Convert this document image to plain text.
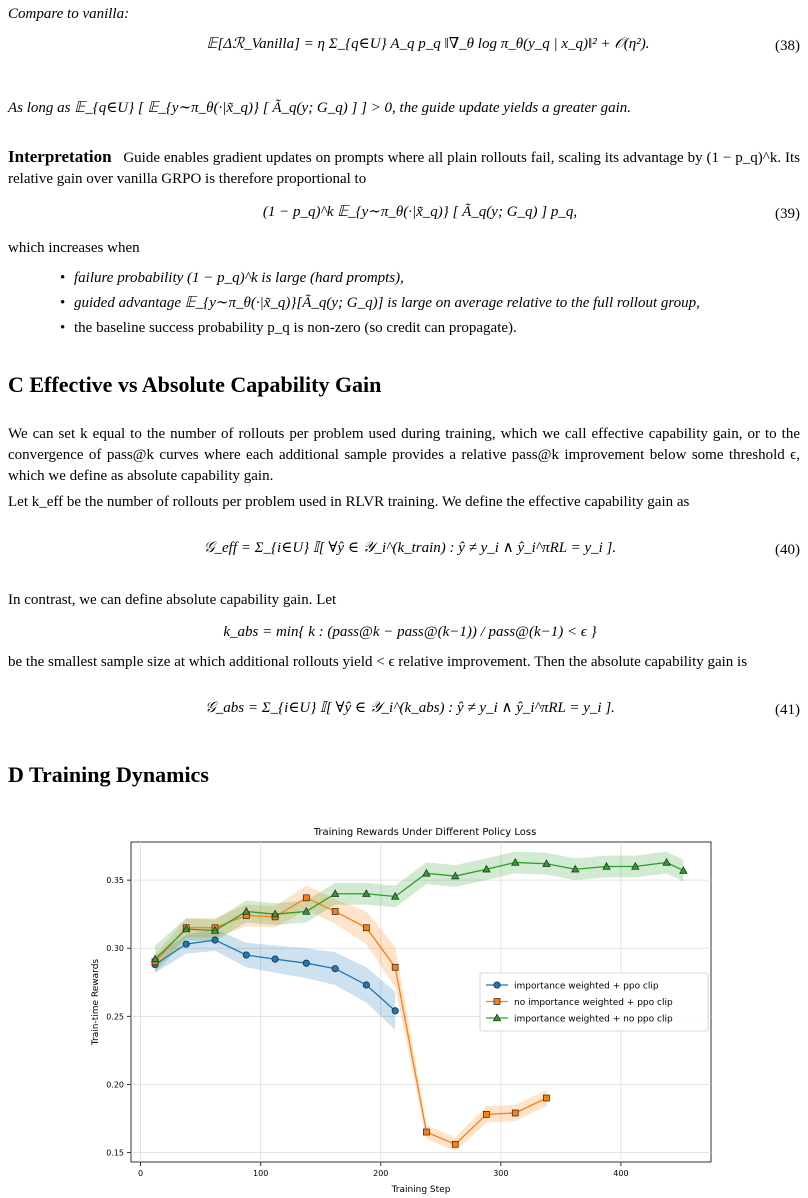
Compare to vanilla:
𝔼[Δℛ_Vanilla] = η Σ_{q∈U} A_q p_q ‖∇_θ log π_θ(y_q | x_q)‖² + 𝒪(η²).	(38)
As long as 𝔼_{q∈U} [ 𝔼_{y∼π_θ(·|x̃_q)} [ Ã_q(y; G_q) ] ] > 0, the guide update yields a greater gain.
Interpretation Guide enables gradient updates on prompts where all plain rollouts fail, scaling its advantage by (1 − p_q)^k. Its relative gain over vanilla GRPO is therefore proportional to
(1 − p_q)^k 𝔼_{y∼π_θ(·|x̃_q)} [ Ã_q(y; G_q) ] p_q,	(39)
which increases when
• failure probability (1 − p_q)^k is large (hard prompts),
• guided advantage 𝔼_{y∼π_θ(·|x̃_q)}[Ã_q(y; G_q)] is large on average relative to the full rollout group,
• the baseline success probability p_q is non-zero (so credit can propagate).
C Effective vs Absolute Capability Gain
We can set k equal to the number of rollouts per problem used during training, which we call effective capability gain, or to the convergence of pass@k curves where each additional sample provides a relative pass@k improvement below some threshold ϵ, which we define as absolute capability gain.
Let k_eff be the number of rollouts per problem used in RLVR training. We define the effective capability gain as
𝒢_eff = Σ_{i∈U} 𝕀[ ∀ŷ ∈ 𝒴_i^(k_train) : ŷ ≠ y_i ∧ ŷ_i^πRL = y_i ].	(40)
In contrast, we can define absolute capability gain. Let
k_abs = min{ k : (pass@k − pass@(k−1)) / pass@(k−1) < ϵ }
be the smallest sample size at which additional rollouts yield < ϵ relative improvement. Then the absolute capability gain is
𝒢_abs = Σ_{i∈U} 𝕀[ ∀ŷ ∈ 𝒴_i^(k_abs) : ŷ ≠ y_i ∧ ŷ_i^πRL = y_i ].	(41)
D Training Dynamics
Training Rewards Under Different Policy Loss
0	100	200	300	400
0.15
0.20
0.25
0.30
0.35
Training Step
Train-time Rewards	importance weighted + ppo clip
no importance weighted + ppo clip
importance weighted + no ppo clip
